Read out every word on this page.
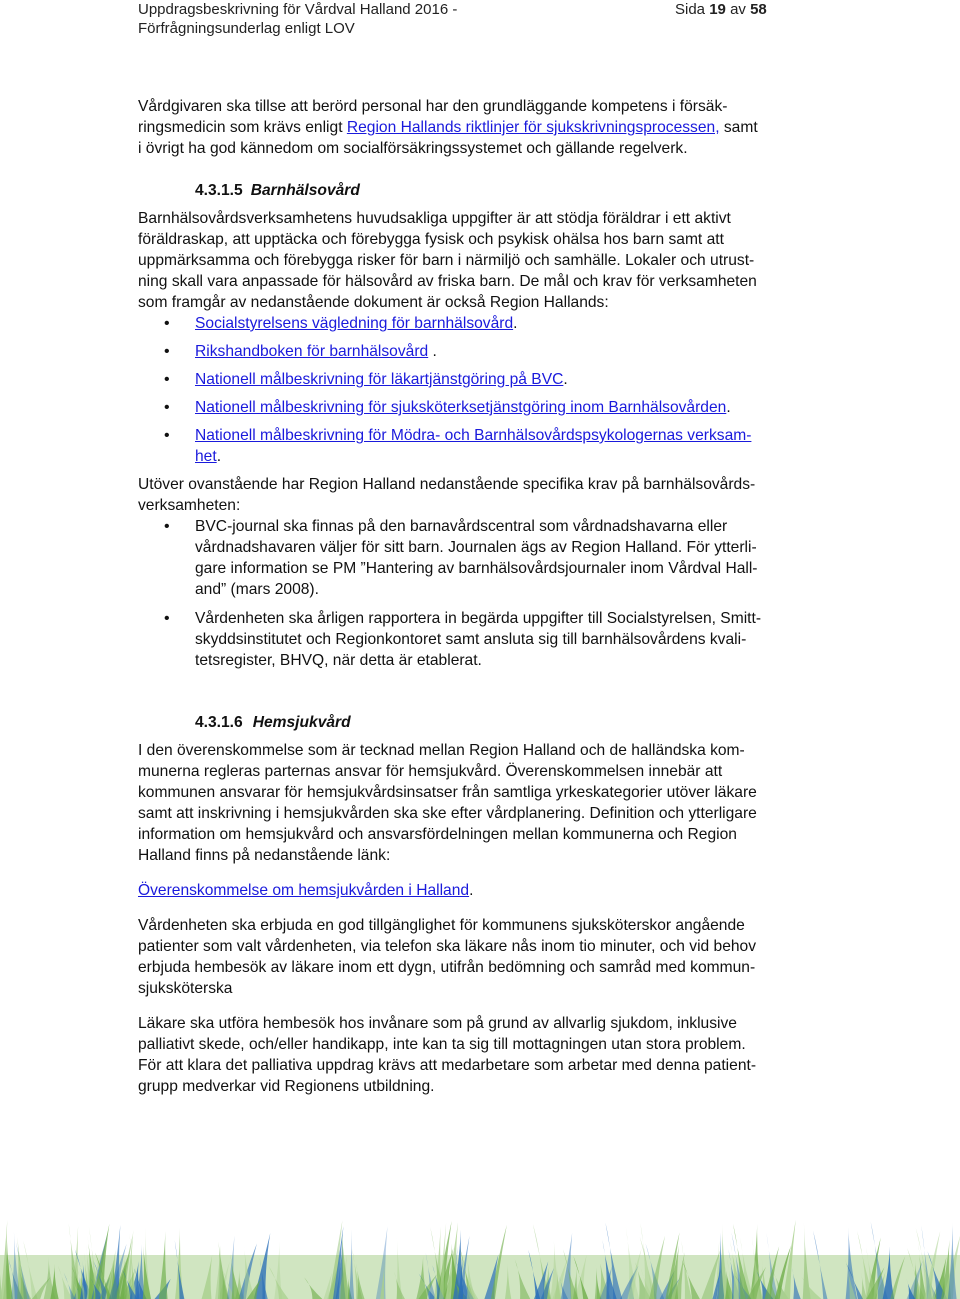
Uppdragsbeskrivning för Vårdval Halland 2016 -
Förfrågningsunderlag enligt LOV
Sida 19 av 58

Vårdgivaren ska tillse att berörd personal har den grundläggande kompetens i försäk-
ringsmedicin som krävs enligt Region Hallands riktlinjer för sjukskrivningsprocessen, samt
i övrigt ha god kännedom om socialförsäkringssystemet och gällande regelverk.

4.3.1.5 Barnhälsovård

Barnhälsovårdsverksamhetens huvudsakliga uppgifter är att stödja föräldrar i ett aktivt
föräldraskap, att upptäcka och förebygga fysisk och psykisk ohälsa hos barn samt att
uppmärksamma och förebygga risker för barn i närmiljö och samhälle. Lokaler och utrust-
ning skall vara anpassade för hälsovård av friska barn. De mål och krav för verksamheten
som framgår av nedanstående dokument är också Region Hallands:

• Socialstyrelsens vägledning för barnhälsovård.
• Rikshandboken för barnhälsovård .
• Nationell målbeskrivning för läkartjänstgöring på BVC.
• Nationell målbeskrivning för sjuksköterksetjänstgöring inom Barnhälsovården.
• Nationell målbeskrivning för Mödra- och Barnhälsovårdspsykologernas verksam-
het.

Utöver ovanstående har Region Halland nedanstående specifika krav på barnhälsovårds-
verksamheten:

• BVC-journal ska finnas på den barnavårdscentral som vårdnadshavarna eller
vårdnadshavaren väljer för sitt barn. Journalen ägs av Region Halland. För ytterli-
gare information se PM ”Hantering av barnhälsovårdsjournaler inom Vårdval Hall-
and” (mars 2008).
• Vårdenheten ska årligen rapportera in begärda uppgifter till Socialstyrelsen, Smitt-
skyddsinstitutet och Regionkontoret samt ansluta sig till barnhälsovårdens kvali-
tetsregister, BHVQ, när detta är etablerat.

4.3.1.6 Hemsjukvård

I den överenskommelse som är tecknad mellan Region Halland och de halländska kom-
munerna regleras parternas ansvar för hemsjukvård. Överenskommelsen innebär att
kommunen ansvarar för hemsjukvårdsinsatser från samtliga yrkeskategorier utöver läkare
samt att inskrivning i hemsjukvården ska ske efter vårdplanering. Definition och ytterligare
information om hemsjukvård och ansvarsfördelningen mellan kommunerna och Region
Halland finns på nedanstående länk:

Överenskommelse om hemsjukvården i Halland.

Vårdenheten ska erbjuda en god tillgänglighet för kommunens sjuksköterskor angående
patienter som valt vårdenheten, via telefon ska läkare nås inom tio minuter, och vid behov
erbjuda hembesök av läkare inom ett dygn, utifrån bedömning och samråd med kommun-
sjuksköterska

Läkare ska utföra hembesök hos invånare som på grund av allvarlig sjukdom, inklusive
palliativt skede, och/eller handikapp, inte kan ta sig till mottagningen utan stora problem.
För att klara det palliativa uppdrag krävs att medarbetare som arbetar med denna patient-
grupp medverkar vid Regionens utbildning.
